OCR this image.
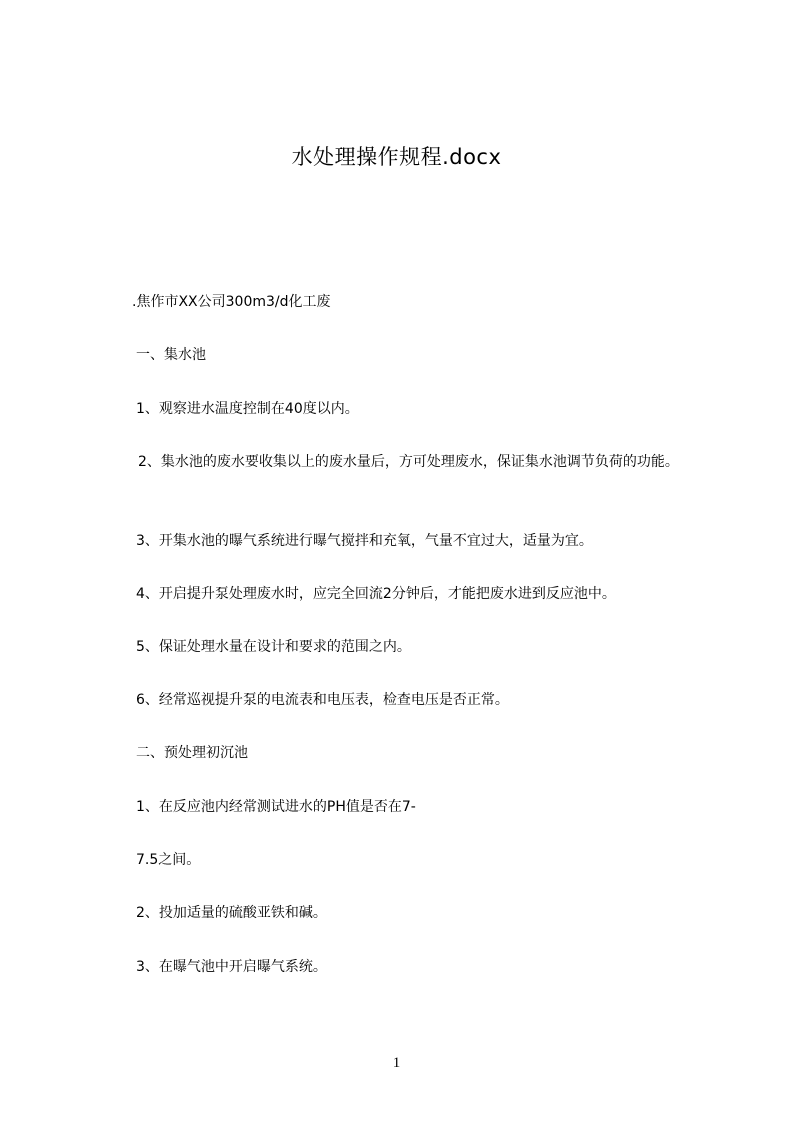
水处理操作规程.docx
.焦作市XX公司300m3/d化工废
一、集水池
1、观察进水温度控制在40度以内。
2、集水池的废水要收集以上的废水量后，方可处理废水，保证集水池调节负荷的功能。
3、开集水池的曝气系统进行曝气搅拌和充氧，气量不宜过大，适量为宜。
4、开启提升泵处理废水时，应完全回流2分钟后，才能把废水进到反应池中。
5、保证处理水量在设计和要求的范围之内。
6、经常巡视提升泵的电流表和电压表，检查电压是否正常。
二、预处理初沉池
1、在反应池内经常测试进水的PH值是否在7-
7.5之间。
2、投加适量的硫酸亚铁和碱。
3、在曝气池中开启曝气系统。
1
